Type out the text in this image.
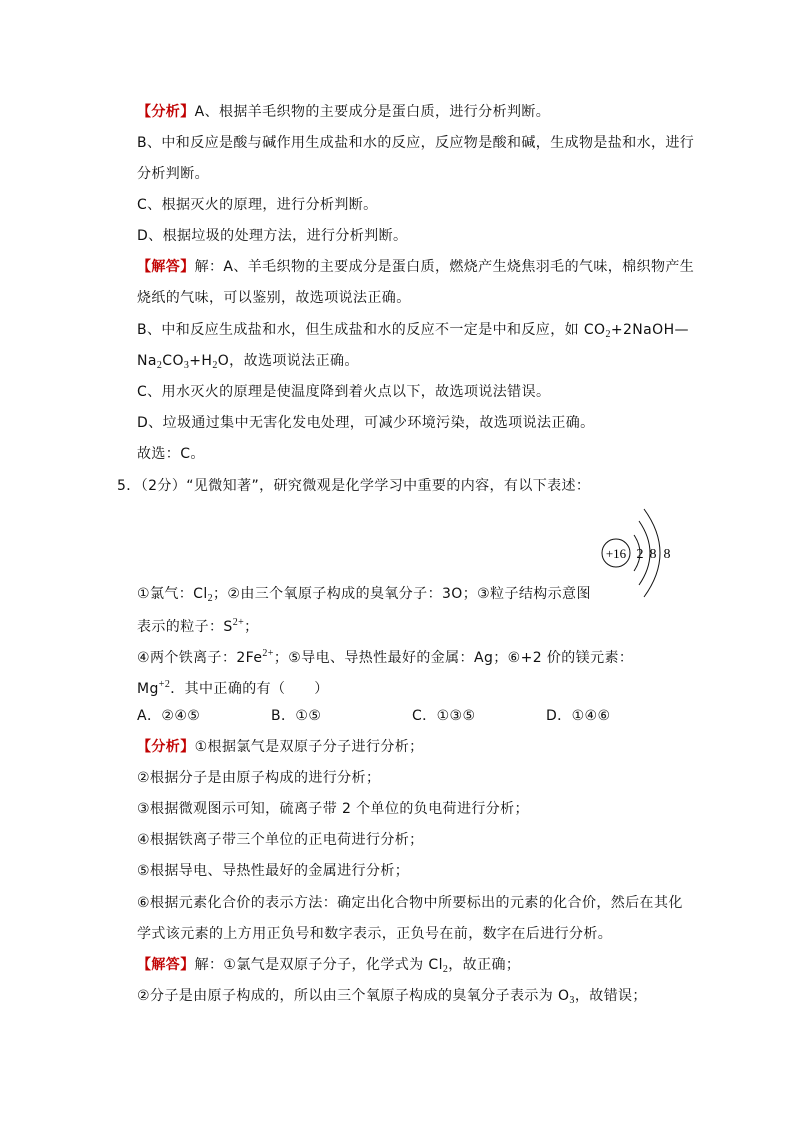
【分析】A、根据羊毛织物的主要成分是蛋白质，进行分析判断。
B、中和反应是酸与碱作用生成盐和水的反应，反应物是酸和碱，生成物是盐和水，进行
分析判断。
C、根据灭火的原理，进行分析判断。
D、根据垃圾的处理方法，进行分析判断。
【解答】解：A、羊毛织物的主要成分是蛋白质，燃烧产生烧焦羽毛的气味，棉织物产生
烧纸的气味，可以鉴别，故选项说法正确。
B、中和反应生成盐和水，但生成盐和水的反应不一定是中和反应，如 $CO_2+2NaOH—$
$Na_2CO_3+H_2O$，故选项说法正确。
C、用水灭火的原理是使温度降到着火点以下，故选项说法错误。
D、垃圾通过集中无害化发电处理，可减少环境污染，故选项说法正确。
故选：C。
5．（2分）“见微知著”，研究微观是化学学习中重要的内容，有以下表述：
+16 2 8 8
①氯气：$Cl_2$；②由三个氧原子构成的臭氧分子：3O；③粒子结构示意图
表示的粒子：$S^{2+}$；
④两个铁离子：$2Fe^{2+}$；⑤导电、导热性最好的金属：Ag；⑥+2 价的镁元素：
$Mg^{+2}$．其中正确的有（　　）
A．②④⑤	B．①⑤	C．①③⑤	D．①④⑥
【分析】①根据氯气是双原子分子进行分析；
②根据分子是由原子构成的进行分析；
③根据微观图示可知，硫离子带 2 个单位的负电荷进行分析；
④根据铁离子带三个单位的正电荷进行分析；
⑤根据导电、导热性最好的金属进行分析；
⑥根据元素化合价的表示方法：确定出化合物中所要标出的元素的化合价，然后在其化
学式该元素的上方用正负号和数字表示，正负号在前，数字在后进行分析。
【解答】解：①氯气是双原子分子，化学式为 $Cl_2$，故正确；
②分子是由原子构成的，所以由三个氧原子构成的臭氧分子表示为 $O_3$，故错误；
